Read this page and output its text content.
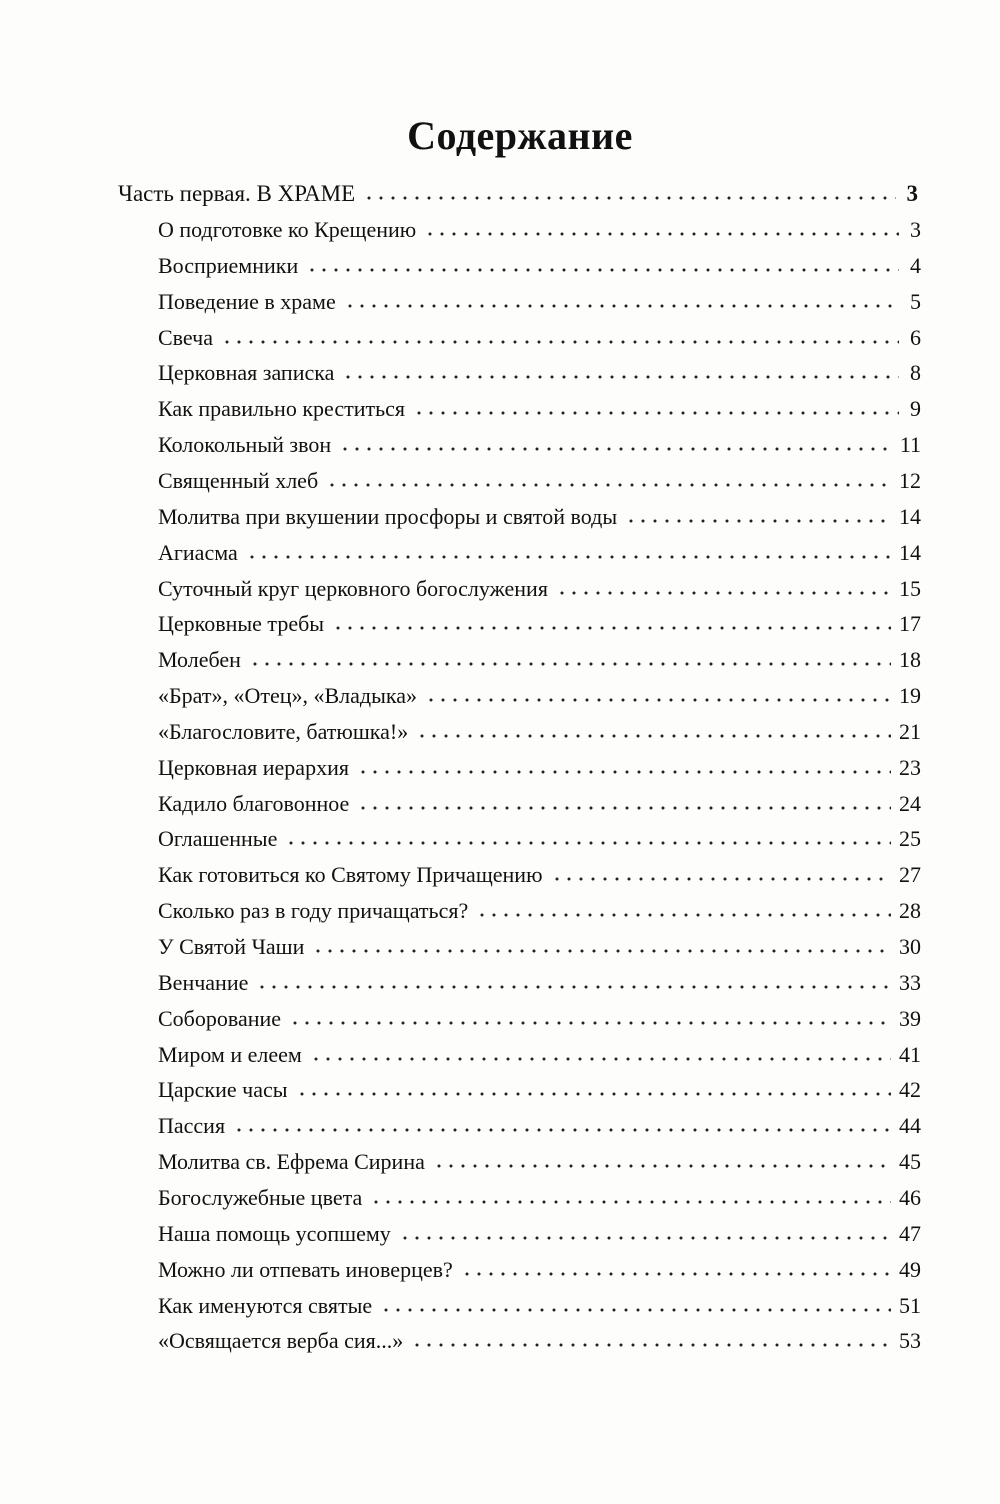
Содержание
Часть первая. В ХРАМЕ	3
О подготовке ко Крещению	3
Восприемники	4
Поведение в храме	5
Свеча	6
Церковная записка	8
Как правильно креститься	9
Колокольный звон	11
Священный хлеб	12
Молитва при вкушении просфоры и святой воды	14
Агиасма	14
Суточный круг церковного богослужения	15
Церковные требы	17
Молебен	18
«Брат», «Отец», «Владыка»	19
«Благословите, батюшка!»	21
Церковная иерархия	23
Кадило благовонное	24
Оглашенные	25
Как готовиться ко Святому Причащению	27
Сколько раз в году причащаться?	28
У Святой Чаши	30
Венчание	33
Соборование	39
Миром и елеем	41
Царские часы	42
Пассия	44
Молитва св. Ефрема Сирина	45
Богослужебные цвета	46
Наша помощь усопшему	47
Можно ли отпевать иноверцев?	49
Как именуются святые	51
«Освящается верба сия...»	53
